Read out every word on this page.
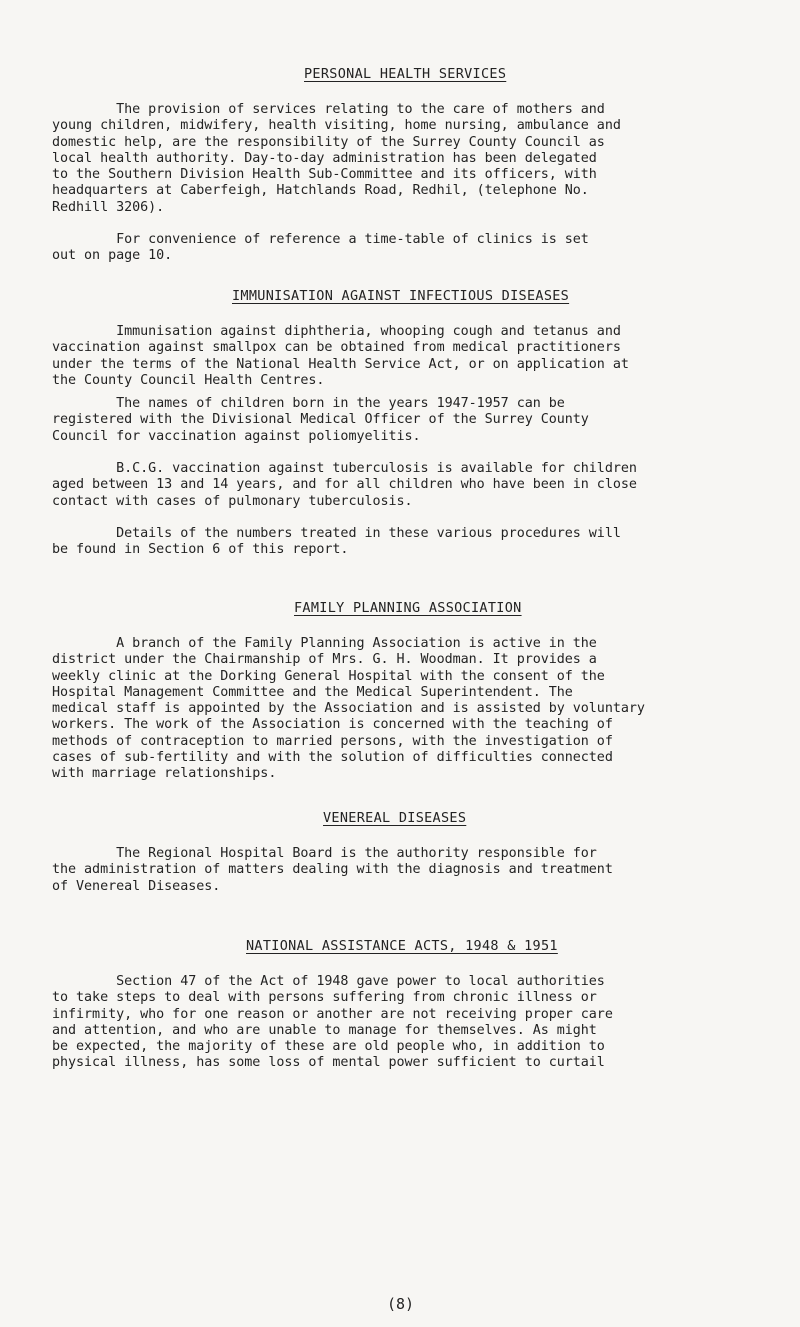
PERSONAL HEALTH SERVICES

The provision of services relating to the care of mothers and
young children, midwifery, health visiting, home nursing, ambulance and
domestic help, are the responsibility of the Surrey County Council as
local health authority. Day-to-day administration has been delegated
to the Southern Division Health Sub-Committee and its officers, with
headquarters at Caberfeigh, Hatchlands Road, Redhil, (telephone No.
Redhill 3206).

For convenience of reference a time-table of clinics is set
out on page 10.

IMMUNISATION AGAINST INFECTIOUS DISEASES

Immunisation against diphtheria, whooping cough and tetanus and
vaccination against smallpox can be obtained from medical practitioners
under the terms of the National Health Service Act, or on application at
the County Council Health Centres.

The names of children born in the years 1947-1957 can be
registered with the Divisional Medical Officer of the Surrey County
Council for vaccination against poliomyelitis.

B.C.G. vaccination against tuberculosis is available for children
aged between 13 and 14 years, and for all children who have been in close
contact with cases of pulmonary tuberculosis.

Details of the numbers treated in these various procedures will
be found in Section 6 of this report.

FAMILY PLANNING ASSOCIATION

A branch of the Family Planning Association is active in the
district under the Chairmanship of Mrs. G. H. Woodman. It provides a
weekly clinic at the Dorking General Hospital with the consent of the
Hospital Management Committee and the Medical Superintendent. The
medical staff is appointed by the Association and is assisted by voluntary
workers. The work of the Association is concerned with the teaching of
methods of contraception to married persons, with the investigation of
cases of sub-fertility and with the solution of difficulties connected
with marriage relationships.

VENEREAL DISEASES

The Regional Hospital Board is the authority responsible for
the administration of matters dealing with the diagnosis and treatment
of Venereal Diseases.

NATIONAL ASSISTANCE ACTS, 1948 & 1951

Section 47 of the Act of 1948 gave power to local authorities
to take steps to deal with persons suffering from chronic illness or
infirmity, who for one reason or another are not receiving proper care
and attention, and who are unable to manage for themselves. As might
be expected, the majority of these are old people who, in addition to
physical illness, has some loss of mental power sufficient to curtail

(8)
